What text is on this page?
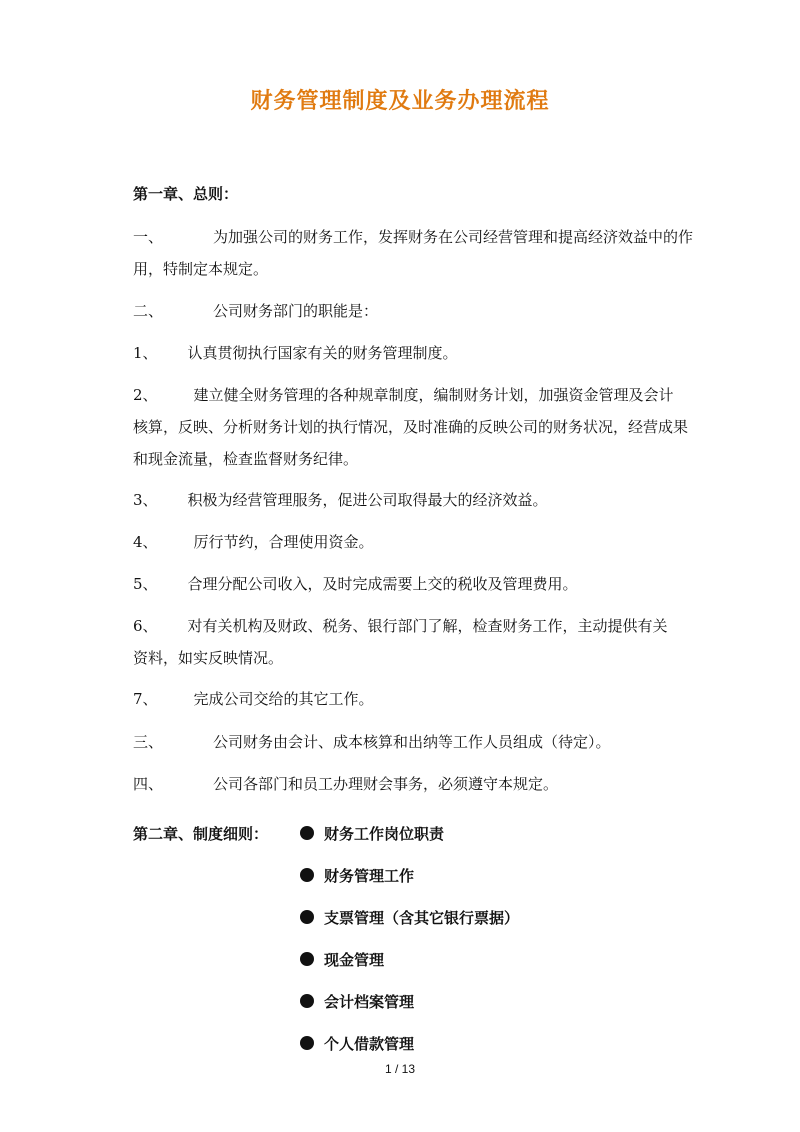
财务管理制度及业务办理流程
第一章、总则：
一、	为加强公司的财务工作，发挥财务在公司经营管理和提高经济效益中的作
用，特制定本规定。
二、	公司财务部门的职能是：
1、 认真贯彻执行国家有关的财务管理制度。
2、 建立健全财务管理的各种规章制度，编制财务计划，加强资金管理及会计
核算，反映、分析财务计划的执行情况，及时准确的反映公司的财务状况，经营成果
和现金流量，检查监督财务纪律。
3、 积极为经营管理服务，促进公司取得最大的经济效益。
4、 厉行节约，合理使用资金。
5、 合理分配公司收入，及时完成需要上交的税收及管理费用。
6、 对有关机构及财政、税务、银行部门了解，检查财务工作，主动提供有关
资料，如实反映情况。
7、 完成公司交给的其它工作。
三、	公司财务由会计、成本核算和出纳等工作人员组成（待定）。
四、	公司各部门和员工办理财会事务，必须遵守本规定。
第二章、制度细则：	财务工作岗位职责
财务管理工作
支票管理（含其它银行票据）
现金管理
会计档案管理
个人借款管理
1 / 13
